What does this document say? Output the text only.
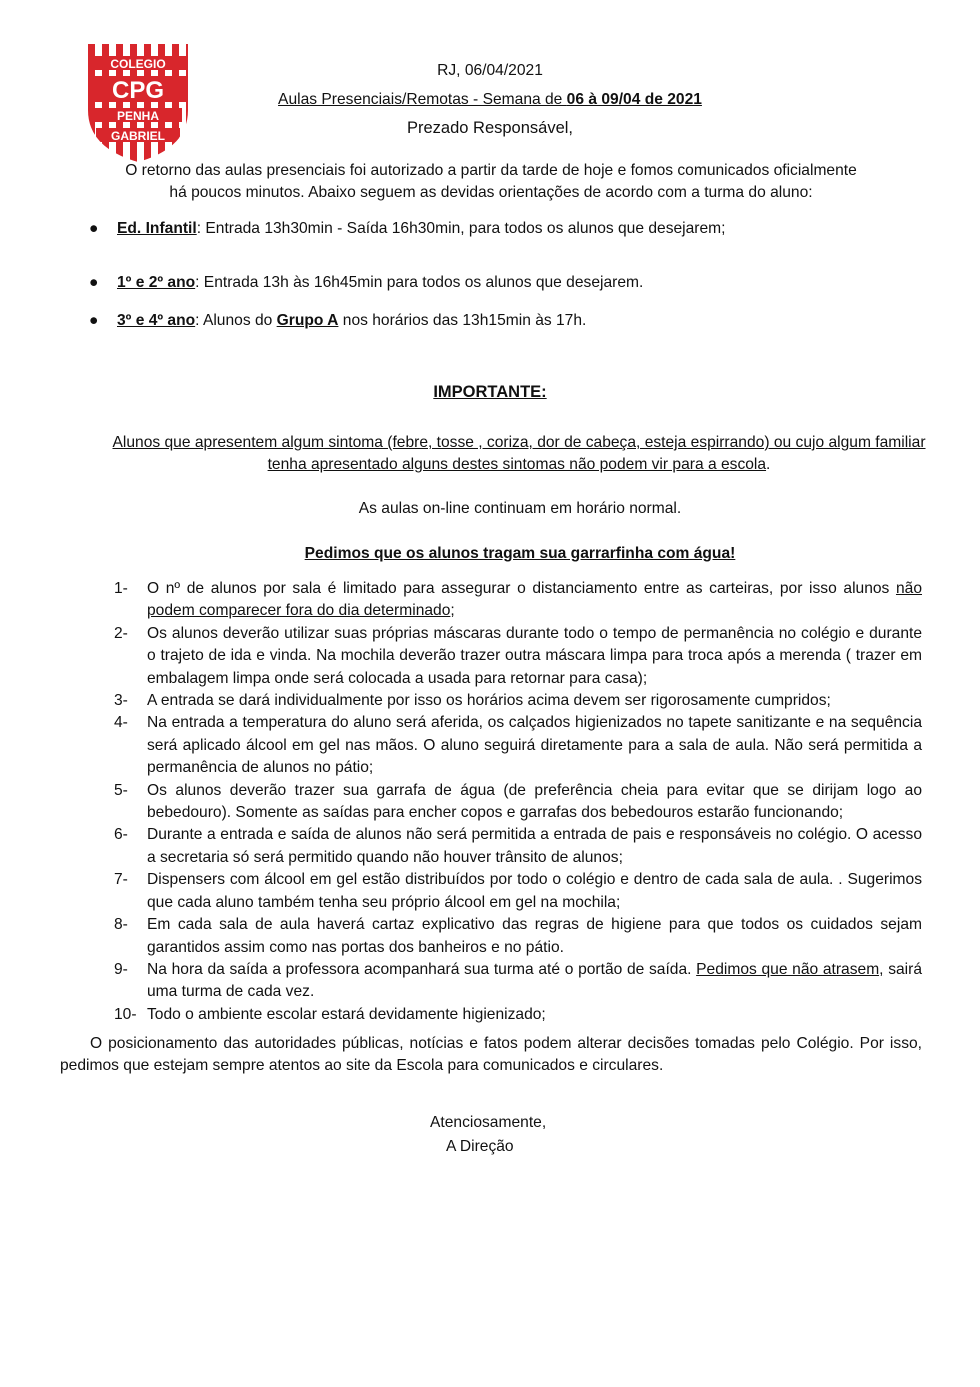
COLEGIO
CPG
PENHA
GABRIEL
RJ, 06/04/2021
Aulas Presenciais/Remotas - Semana de 06 à 09/04 de 2021
Prezado Responsável,
O retorno das aulas presenciais foi autorizado a partir da tarde de hoje e fomos comunicados oficialmente
há poucos minutos. Abaixo seguem as devidas orientações de acordo com a turma do aluno:
● Ed. Infantil: Entrada 13h30min - Saída 16h30min, para todos os alunos que desejarem;
● 1º e 2º ano: Entrada 13h às 16h45min para todos os alunos que desejarem.
● 3º e 4º ano: Alunos do Grupo A nos horários das 13h15min às 17h.
IMPORTANTE:
Alunos que apresentem algum sintoma (febre, tosse , coriza, dor de cabeça, esteja espirrando) ou cujo algum familiar tenha apresentado alguns destes sintomas não podem vir para a escola.
As aulas on-line continuam em horário normal.
Pedimos que os alunos tragam sua garrarfinha com água!
1- O nº de alunos por sala é limitado para assegurar o distanciamento entre as carteiras, por isso alunos não podem comparecer fora do dia determinado;
2- Os alunos deverão utilizar suas próprias máscaras durante todo o tempo de permanência no colégio e durante o trajeto de ida e vinda. Na mochila deverão trazer outra máscara limpa para troca após a merenda ( trazer em embalagem limpa onde será colocada a usada para retornar para casa);
3- A entrada se dará individualmente por isso os horários acima devem ser rigorosamente cumpridos;
4- Na entrada a temperatura do aluno será aferida, os calçados higienizados no tapete sanitizante e na sequência será aplicado álcool em gel nas mãos. O aluno seguirá diretamente para a sala de aula. Não será permitida a permanência de alunos no pátio;
5- Os alunos deverão trazer sua garrafa de água (de preferência cheia para evitar que se dirijam logo ao bebedouro). Somente as saídas para encher copos e garrafas dos bebedouros estarão funcionando;
6- Durante a entrada e saída de alunos não será permitida a entrada de pais e responsáveis no colégio. O acesso a secretaria só será permitido quando não houver trânsito de alunos;
7- Dispensers com álcool em gel estão distribuídos por todo o colégio e dentro de cada sala de aula. . Sugerimos que cada aluno também tenha seu próprio álcool em gel na mochila;
8- Em cada sala de aula haverá cartaz explicativo das regras de higiene para que todos os cuidados sejam garantidos assim como nas portas dos banheiros e no pátio.
9- Na hora da saída a professora acompanhará sua turma até o portão de saída. Pedimos que não atrasem, sairá uma turma de cada vez.
10- Todo o ambiente escolar estará devidamente higienizado;
O posicionamento das autoridades públicas, notícias e fatos podem alterar decisões tomadas pelo Colégio. Por isso, pedimos que estejam sempre atentos ao site da Escola para comunicados e circulares.
Atenciosamente,
A Direção
